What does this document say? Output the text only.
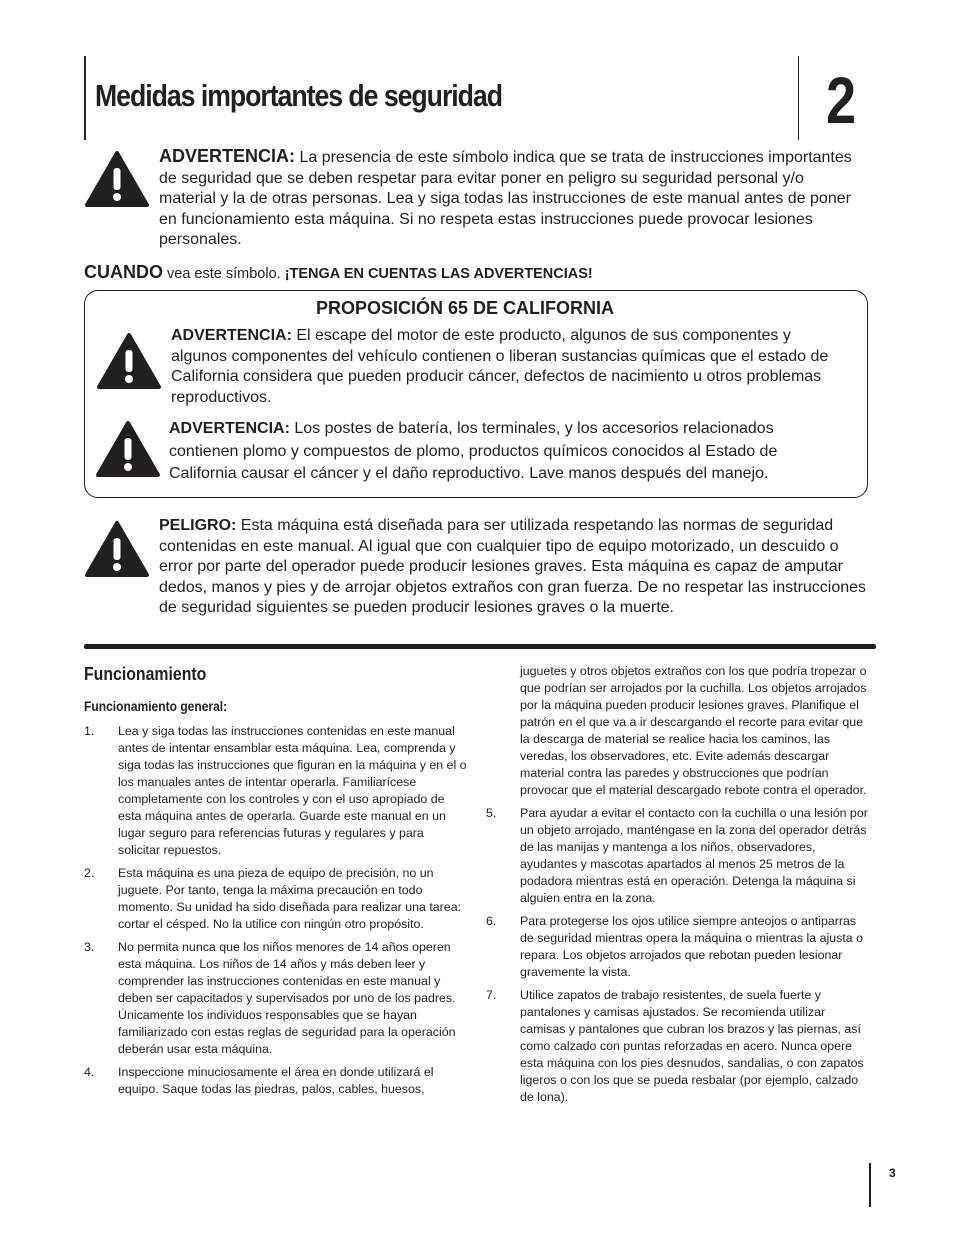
Medidas importantes de seguridad	2
ADVERTENCIA: La presencia de este símbolo indica que se trata de instrucciones importantes de seguridad que se deben respetar para evitar poner en peligro su seguridad personal y/o material y la de otras personas. Lea y siga todas las instrucciones de este manual antes de poner en funcionamiento esta máquina. Si no respeta estas instrucciones puede provocar lesiones personales.
CUANDO vea este símbolo. ¡TENGA EN CUENTAS LAS ADVERTENCIAS!
PROPOSICIÓN 65 DE CALIFORNIA
ADVERTENCIA: El escape del motor de este producto, algunos de sus componentes y algunos componentes del vehículo contienen o liberan sustancias químicas que el estado de California considera que pueden producir cáncer, defectos de nacimiento u otros problemas reproductivos.
ADVERTENCIA: Los postes de batería, los terminales, y los accesorios relacionados contienen plomo y compuestos de plomo, productos químicos conocidos al Estado de California causar el cáncer y el daño reproductivo. Lave manos después del manejo.
PELIGRO: Esta máquina está diseñada para ser utilizada respetando las normas de seguridad contenidas en este manual. Al igual que con cualquier tipo de equipo motorizado, un descuido o error por parte del operador puede producir lesiones graves. Esta máquina es capaz de amputar dedos, manos y pies y de arrojar objetos extraños con gran fuerza. De no respetar las instrucciones de seguridad siguientes se pueden producir lesiones graves o la muerte.
Funcionamiento
Funcionamiento general:
1. Lea y siga todas las instrucciones contenidas en este manual antes de intentar ensamblar esta máquina. Lea, comprenda y siga todas las instrucciones que figuran en la máquina y en el o los manuales antes de intentar operarla. Familiarícese completamente con los controles y con el uso apropiado de esta máquina antes de operarla. Guarde este manual en un lugar seguro para referencias futuras y regulares y para solicitar repuestos.
2. Esta máquina es una pieza de equipo de precisión, no un juguete. Por tanto, tenga la máxima precaución en todo momento. Su unidad ha sido diseñada para realizar una tarea: cortar el césped. No la utilice con ningún otro propósito.
3. No permita nunca que los niños menores de 14 años operen esta máquina. Los niños de 14 años y más deben leer y comprender las instrucciones contenidas en este manual y deben ser capacitados y supervisados por uno de los padres. Únicamente los individuos responsables que se hayan familiarizado con estas reglas de seguridad para la operación deberán usar esta máquina.
4. Inspeccione minuciosamente el área en donde utilizará el equipo. Saque todas las piedras, palos, cables, huesos,
juguetes y otros objetos extraños con los que podría tropezar o que podrían ser arrojados por la cuchilla. Los objetos arrojados por la máquina pueden producir lesiones graves. Planifique el patrón en el que va a ir descargando el recorte para evitar que la descarga de material se realice hacia los caminos, las veredas, los observadores, etc. Evite además descargar material contra las paredes y obstrucciones que podrían provocar que el material descargado rebote contra el operador.
5. Para ayudar a evitar el contacto con la cuchilla o una lesión por un objeto arrojado, manténgase en la zona del operador detrás de las manijas y mantenga a los niños, observadores, ayudantes y mascotas apartados al menos 25 metros de la podadora mientras está en operación. Detenga la máquina si alguien entra en la zona.
6. Para protegerse los ojos utilice siempre anteojos o antiparras de seguridad mientras opera la máquina o mientras la ajusta o repara. Los objetos arrojados que rebotan pueden lesionar gravemente la vista.
7. Utilice zapatos de trabajo resistentes, de suela fuerte y pantalones y camisas ajustados. Se recomienda utilizar camisas y pantalones que cubran los brazos y las piernas, así como calzado con puntas reforzadas en acero. Nunca opere esta máquina con los pies desnudos, sandalias, o con zapatos ligeros o con los que se pueda resbalar (por ejemplo, calzado de lona).
3
